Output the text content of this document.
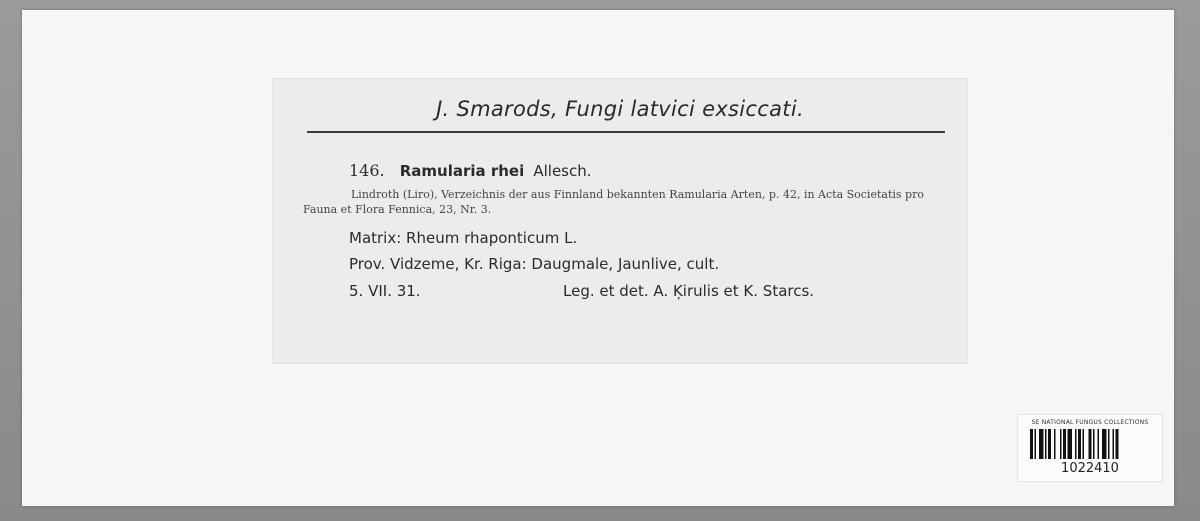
J. Smarods, Fungi latvici exsiccati.
146. Ramularia rhei Allesch.
Lindroth (Liro), Verzeichnis der aus Finnland bekannten Ramularia Arten, p. 42, in Acta Societatis pro Fauna et Flora Fennica, 23, Nr. 3.
Matrix: Rheum rhaponticum L.
Prov. Vidzeme, Kr. Riga: Daugmale, Jaunlive, cult.
5. VII. 31.	Leg. et det. A. Ķirulis et K. Starcs.
SE NATIONAL FUNGUS COLLECTIONS
1022410
